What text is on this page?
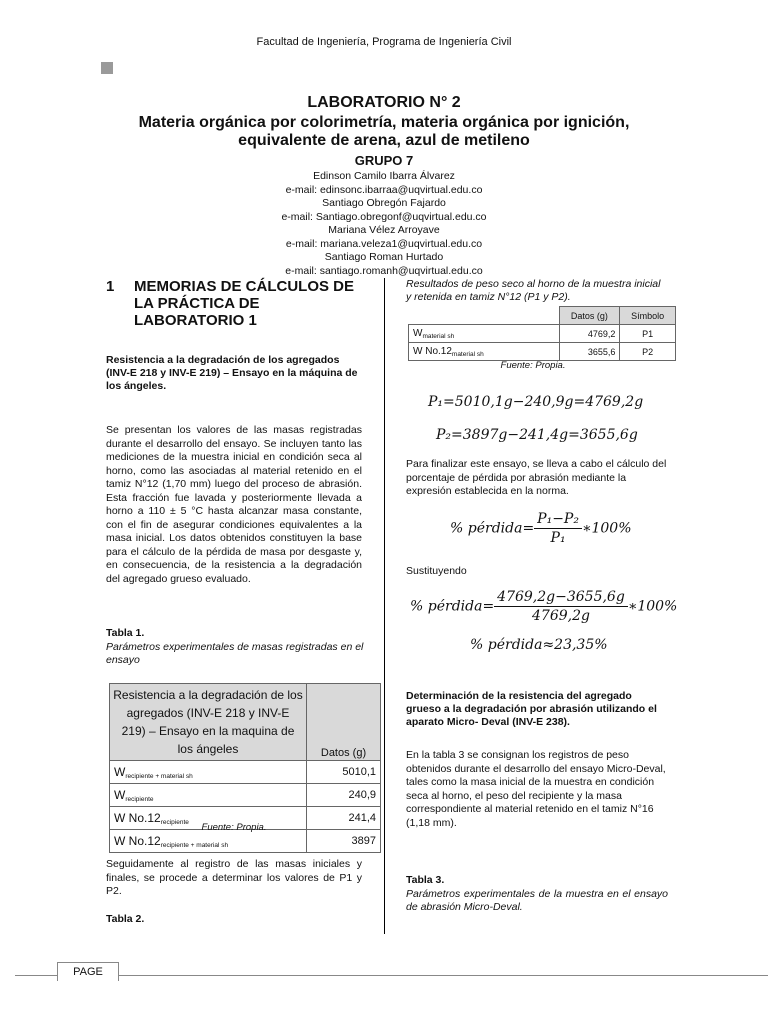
Facultad de Ingeniería, Programa de Ingeniería Civil
LABORATORIO N° 2
Materia orgánica por colorimetría, materia orgánica por ignición, equivalente de arena, azul de metileno
GRUPO 7
Edinson Camilo Ibarra Álvarez
e-mail: edinsonc.ibarraa@uqvirtual.edu.co
Santiago Obregón Fajardo
e-mail: Santiago.obregonf@uqvirtual.edu.co
Mariana Vélez Arroyave
e-mail: mariana.veleza1@uqvirtual.edu.co
Santiago Roman Hurtado
e-mail: santiago.romanh@uqvirtual.edu.co
1 MEMORIAS DE CÁLCULOS DE LA PRÁCTICA DE LABORATORIO 1
Resistencia a la degradación de los agregados (INV-E 218 y INV-E 219) – Ensayo en la máquina de los ángeles.
Se presentan los valores de las masas registradas durante el desarrollo del ensayo. Se incluyen tanto las mediciones de la muestra inicial en condición seca al horno, como las asociadas al material retenido en el tamiz N°12 (1,70 mm) luego del proceso de abrasión. Esta fracción fue lavada y posteriormente llevada a horno a 110 ± 5 °C hasta alcanzar masa constante, con el fin de asegurar condiciones equivalentes a la masa inicial. Los datos obtenidos constituyen la base para el cálculo de la pérdida de masa por desgaste y, en consecuencia, de la resistencia a la degradación del agregado grueso evaluado.
Tabla 1.
Parámetros experimentales de masas registradas en el ensayo
Resistencia a la degradación de los agregados (INV-E 218 y INV-E 219) – Ensayo en la maquina de los ángeles	Datos (g)
Wrecipiente + material sh	5010,1
Wrecipiente	240,9
W No.12recipiente	241,4
W No.12recipiente + material sh	3897
Fuente: Propia.
Seguidamente al registro de las masas iniciales y finales, se procede a determinar los valores de P1 y P2.
Tabla 2.
Resultados de peso seco al horno de la muestra inicial y retenida en tamiz N°12 (P1 y P2).
	Datos (g)	Símbolo
$W_{material sh}$	4769,2	P1
W $No.12_{material sh}$	3655,6	P2
Fuente: Propia.
P₁=5010,1g−240,9g=4769,2g
P₂=3897g−241,4g=3655,6g
Para finalizar este ensayo, se lleva a cabo el cálculo del porcentaje de pérdida por abrasión mediante la expresión establecida en la norma.
% pérdida= $\frac{\text{P₁−P₂}}{\text{P₁}}$ ∗100%
Sustituyendo
% pérdida= $\frac{4769,2g-3655,6g}{4769,2g}$ ∗100%
% pérdida≈23,35%
Determinación de la resistencia del agregado grueso a la degradación por abrasión utilizando el aparato Micro- Deval (INV-E 238).
En la tabla 3 se consignan los registros de peso obtenidos durante el desarrollo del ensayo Micro-Deval, tales como la masa inicial de la muestra en condición seca al horno, el peso del recipiente y la masa correspondiente al material retenido en el tamiz N°16 (1,18 mm).
Tabla 3.
Parámetros experimentales de la muestra en el ensayo de abrasión Micro-Deval.
PAGE
